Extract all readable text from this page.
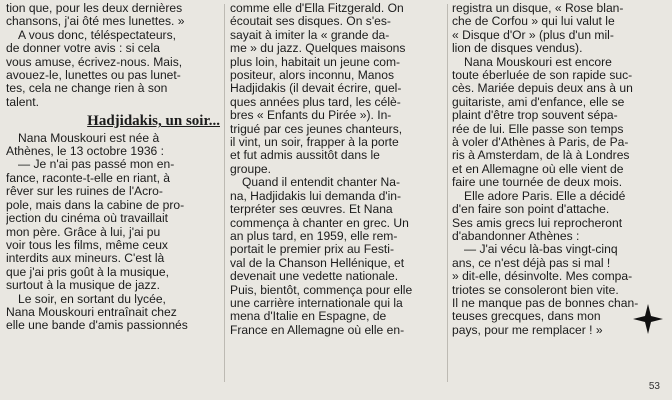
tion que, pour les deux dernières
chansons, j'ai ôté mes lunettes. »
A vous donc, téléspectateurs,
de donner votre avis : si cela
vous amuse, écrivez-nous. Mais,
avouez-le, lunettes ou pas lunet-
tes, cela ne change rien à son
talent.
Hadjidakis, un soir...
Nana Mouskouri est née à
Athènes, le 13 octobre 1936 :
— Je n'ai pas passé mon en-
fance, raconte-t-elle en riant, à
rêver sur les ruines de l'Acro-
pole, mais dans la cabine de pro-
jection du cinéma où travaillait
mon père. Grâce à lui, j'ai pu
voir tous les films, même ceux
interdits aux mineurs. C'est là
que j'ai pris goût à la musique,
surtout à la musique de jazz.
Le soir, en sortant du lycée,
Nana Mouskouri entraînait chez
elle une bande d'amis passionnés
comme elle d'Ella Fitzgerald. On
écoutait ses disques. On s'es-
sayait à imiter la « grande da-
me » du jazz. Quelques maisons
plus loin, habitait un jeune com-
positeur, alors inconnu, Manos
Hadjidakis (il devait écrire, quel-
ques années plus tard, les célè-
bres « Enfants du Pirée »). In-
trigué par ces jeunes chanteurs,
il vint, un soir, frapper à la porte
et fut admis aussitôt dans le
groupe.
Quand il entendit chanter Na-
na, Hadjidakis lui demanda d'in-
terpréter ses œuvres. Et Nana
commença à chanter en grec. Un
an plus tard, en 1959, elle rem-
portait le premier prix au Festi-
val de la Chanson Hellénique, et
devenait une vedette nationale.
Puis, bientôt, commença pour elle
une carrière internationale qui la
mena d'Italie en Espagne, de
France en Allemagne où elle en-
registra un disque, « Rose blan-
che de Corfou » qui lui valut le
« Disque d'Or » (plus d'un mil-
lion de disques vendus).
Nana Mouskouri est encore
toute éberluée de son rapide suc-
cès. Mariée depuis deux ans à un
guitariste, ami d'enfance, elle se
plaint d'être trop souvent sépa-
rée de lui. Elle passe son temps
à voler d'Athènes à Paris, de Pa-
ris à Amsterdam, de là à Londres
et en Allemagne où elle vient de
faire une tournée de deux mois.
Elle adore Paris. Elle a décidé
d'en faire son point d'attache.
Ses amis grecs lui reprocheront
d'abandonner Athènes :
— J'ai vécu là-bas vingt-cinq
ans, ce n'est déjà pas si mal !
» dit-elle, désinvolte. Mes compa-
triotes se consoleront bien vite.
Il ne manque pas de bonnes chan-
teuses grecques, dans mon
pays, pour me remplacer ! »
53
